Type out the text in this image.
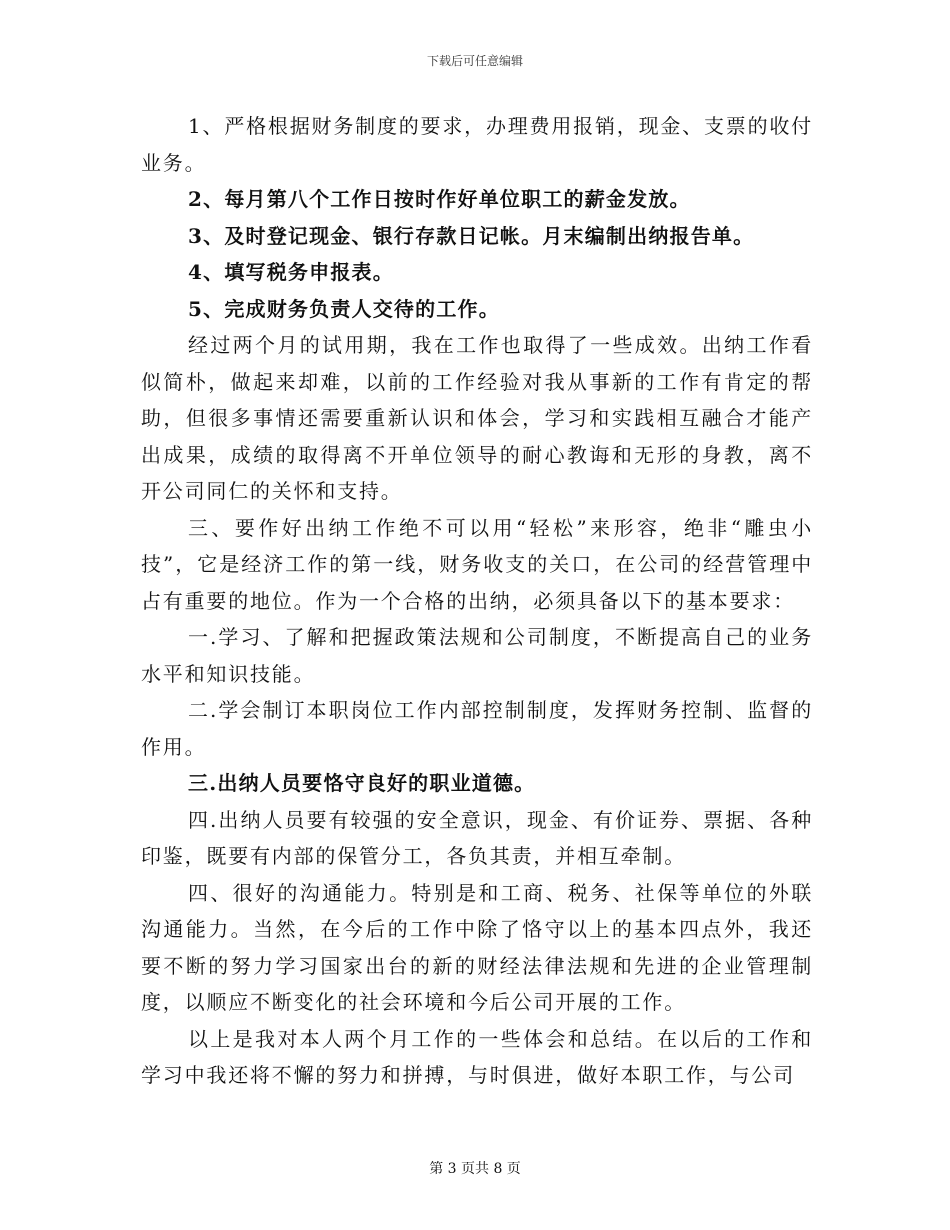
下载后可任意编辑

1、严格根据财务制度的要求，办理费用报销，现金、支票的收付业务。

2、每月第八个工作日按时作好单位职工的薪金发放。

3、及时登记现金、银行存款日记帐。月末编制出纳报告单。

4、填写税务申报表。

5、完成财务负责人交待的工作。

经过两个月的试用期，我在工作也取得了一些成效。出纳工作看似简朴，做起来却难，以前的工作经验对我从事新的工作有肯定的帮助，但很多事情还需要重新认识和体会，学习和实践相互融合才能产出成果，成绩的取得离不开单位领导的耐心教诲和无形的身教，离不开公司同仁的关怀和支持。

三、要作好出纳工作绝不可以用“轻松”来形容，绝非“雕虫小技”，它是经济工作的第一线，财务收支的关口，在公司的经营管理中占有重要的地位。作为一个合格的出纳，必须具备以下的基本要求：

一.学习、了解和把握政策法规和公司制度，不断提高自己的业务水平和知识技能。

二.学会制订本职岗位工作内部控制制度，发挥财务控制、监督的作用。

三.出纳人员要恪守良好的职业道德。

四.出纳人员要有较强的安全意识，现金、有价证券、票据、各种印鉴，既要有内部的保管分工，各负其责，并相互牵制。

四、很好的沟通能力。特别是和工商、税务、社保等单位的外联沟通能力。当然，在今后的工作中除了恪守以上的基本四点外，我还要不断的努力学习国家出台的新的财经法律法规和先进的企业管理制度，以顺应不断变化的社会环境和今后公司开展的工作。

以上是我对本人两个月工作的一些体会和总结。在以后的工作和学习中我还将不懈的努力和拼搏，与时俱进，做好本职工作，与公司

第 3 页共 8 页
